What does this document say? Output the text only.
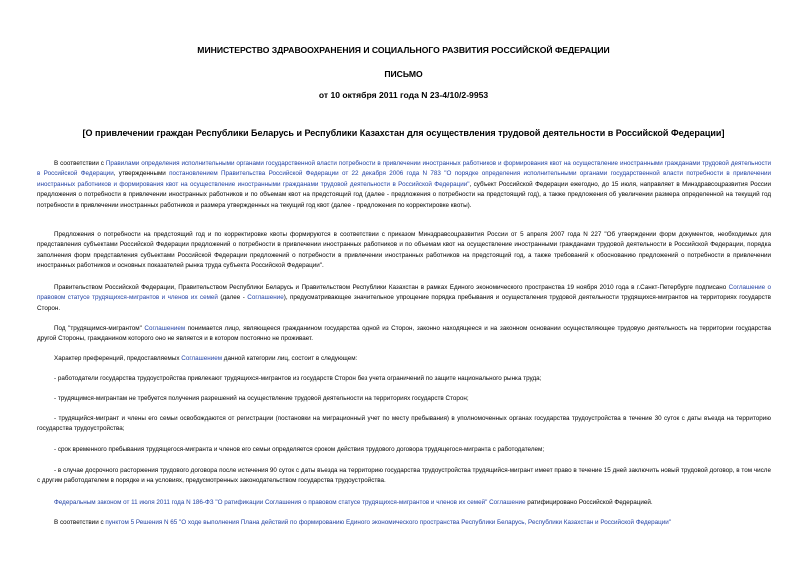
МИНИСТЕРСТВО ЗДРАВООХРАНЕНИЯ И СОЦИАЛЬНОГО РАЗВИТИЯ РОССИЙСКОЙ ФЕДЕРАЦИИ
ПИСЬМО
от 10 октября 2011 года N 23-4/10/2-9953
[О привлечении граждан Республики Беларусь и Республики Казахстан для осуществления трудовой деятельности в Российской Федерации]

В соответствии с Правилами определения исполнительными органами государственной власти потребности в привлечении иностранных работников и формирования квот на осуществление иностранными гражданами трудовой деятельности в Российской Федерации, утвержденными постановлением Правительства Российской Федерации от 22 декабря 2006 года N 783 "О порядке определения исполнительными органами государственной власти потребности в привлечении иностранных работников и формирования квот на осуществление иностранными гражданами трудовой деятельности в Российской Федерации", субъект Российской Федерации ежегодно, до 15 июля, направляет в Минздравсоцразвития России предложения о потребности в привлечении иностранных работников и по объемам квот на предстоящий год (далее - предложения о потребности на предстоящий год), а также предложения об увеличении размера определенной на текущий год потребности в привлечении иностранных работников и размера утвержденных на текущий год квот (далее - предложения по корректировке квоты).

Предложения о потребности на предстоящий год и по корректировке квоты формируются в соответствии с приказом Минздравсоцразвития России от 5 апреля 2007 года N 227 "Об утверждении форм документов, необходимых для представления субъектами Российской Федерации предложений о потребности в привлечении иностранных работников и по объемам квот на осуществление иностранными гражданами трудовой деятельности в Российской Федерации, порядка заполнения форм представления субъектами Российской Федерации предложений о потребности в привлечении иностранных работников на предстоящий год, а также требований к обоснованию предложений о потребности в привлечении иностранных работников и основных показателей рынка труда субъекта Российской Федерации".

Правительством Российской Федерации, Правительством Республики Беларусь и Правительством Республики Казахстан в рамках Единого экономического пространства 19 ноября 2010 года в г.Санкт-Петербурге подписано Соглашение о правовом статусе трудящихся-мигрантов и членов их семей (далее - Соглашение), предусматривающее значительное упрощение порядка пребывания и осуществления трудовой деятельности трудящихся-мигрантов на территориях государств Сторон.

Под "трудящимся-мигрантом" Соглашением понимается лицо, являющееся гражданином государства одной из Сторон, законно находящееся и на законном основании осуществляющее трудовую деятельность на территории государства другой Стороны, гражданином которого оно не является и в котором постоянно не проживает.

Характер преференций, предоставляемых Соглашением данной категории лиц, состоит в следующем:

- работодатели государства трудоустройства привлекают трудящихся-мигрантов из государств Сторон без учета ограничений по защите национального рынка труда;

- трудящимся-мигрантам не требуется получения разрешений на осуществление трудовой деятельности на территориях государств Сторон;

- трудящийся-мигрант и члены его семьи освобождаются от регистрации (постановки на миграционный учет по месту пребывания) в уполномоченных органах государства трудоустройства в течение 30 суток с даты въезда на территорию государства трудоустройства;

- срок временного пребывания трудящегося-мигранта и членов его семьи определяется сроком действия трудового договора трудящегося-мигранта с работодателем;

- в случае досрочного расторжения трудового договора после истечения 90 суток с даты въезда на территорию государства трудоустройства трудящийся-мигрант имеет право в течение 15 дней заключить новый трудовой договор, в том числе с другим работодателем в порядке и на условиях, предусмотренных законодательством государства трудоустройства.

Федеральным законом от 11 июля 2011 года N 186-ФЗ "О ратификации Соглашения о правовом статусе трудящихся-мигрантов и членов их семей" Соглашение ратифицировано Российской Федерацией.

В соответствии с пунктом 5 Решения N 65 "О ходе выполнения Плана действий по формированию Единого экономического пространства Республики Беларусь, Республики Казахстан и Российской Федерации"
